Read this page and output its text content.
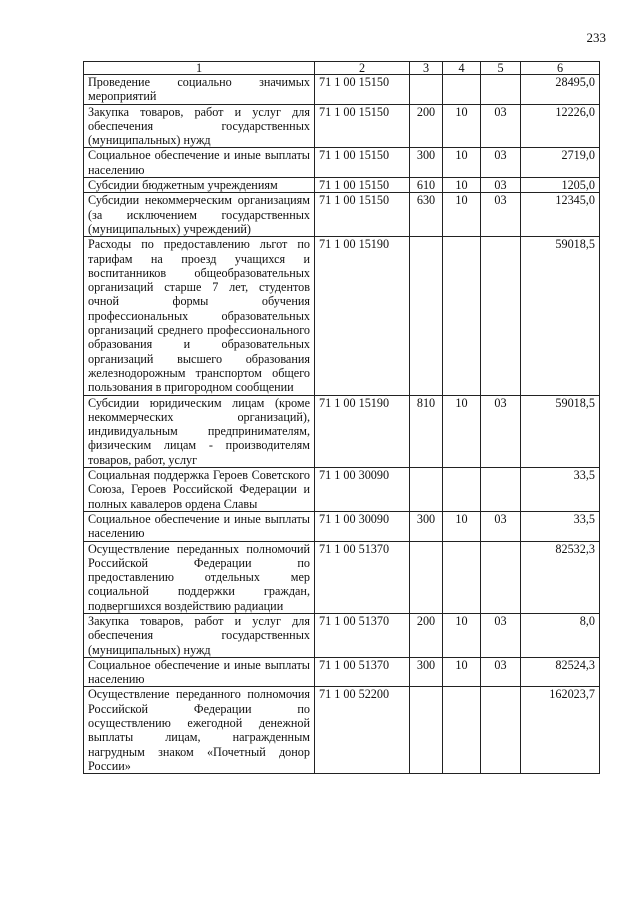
233
1	2	3	4	5	6
Проведение социально значимых мероприятий	71 1 00 15150				28495,0
Закупка товаров, работ и услуг для обеспечения государственных (муниципальных) нужд	71 1 00 15150	200	10	03	12226,0
Социальное обеспечение и иные выплаты населению	71 1 00 15150	300	10	03	2719,0
Субсидии бюджетным учреждениям	71 1 00 15150	610	10	03	1205,0
Субсидии некоммерческим организациям (за исключением государственных (муниципальных) учреждений)	71 1 00 15150	630	10	03	12345,0
Расходы по предоставлению льгот по тарифам на проезд учащихся и воспитанников общеобразовательных организаций старше 7 лет, студентов очной формы обучения профессиональных образовательных организаций среднего профессионального образования и образовательных организаций высшего образования железнодорожным транспортом общего пользования в пригородном сообщении	71 1 00 15190				59018,5
Субсидии юридическим лицам (кроме некоммерческих организаций), индивидуальным предпринимателям, физическим лицам - производителям товаров, работ, услуг	71 1 00 15190	810	10	03	59018,5
Социальная поддержка Героев Советского Союза, Героев Российской Федерации и полных кавалеров ордена Славы	71 1 00 30090				33,5
Социальное обеспечение и иные выплаты населению	71 1 00 30090	300	10	03	33,5
Осуществление переданных полномочий Российской Федерации по предоставлению отдельных мер социальной поддержки граждан, подвергшихся воздействию радиации	71 1 00 51370				82532,3
Закупка товаров, работ и услуг для обеспечения государственных (муниципальных) нужд	71 1 00 51370	200	10	03	8,0
Социальное обеспечение и иные выплаты населению	71 1 00 51370	300	10	03	82524,3
Осуществление переданного полномочия Российской Федерации по осуществлению ежегодной денежной выплаты лицам, награжденным нагрудным знаком «Почетный донор России»	71 1 00 52200				162023,7
